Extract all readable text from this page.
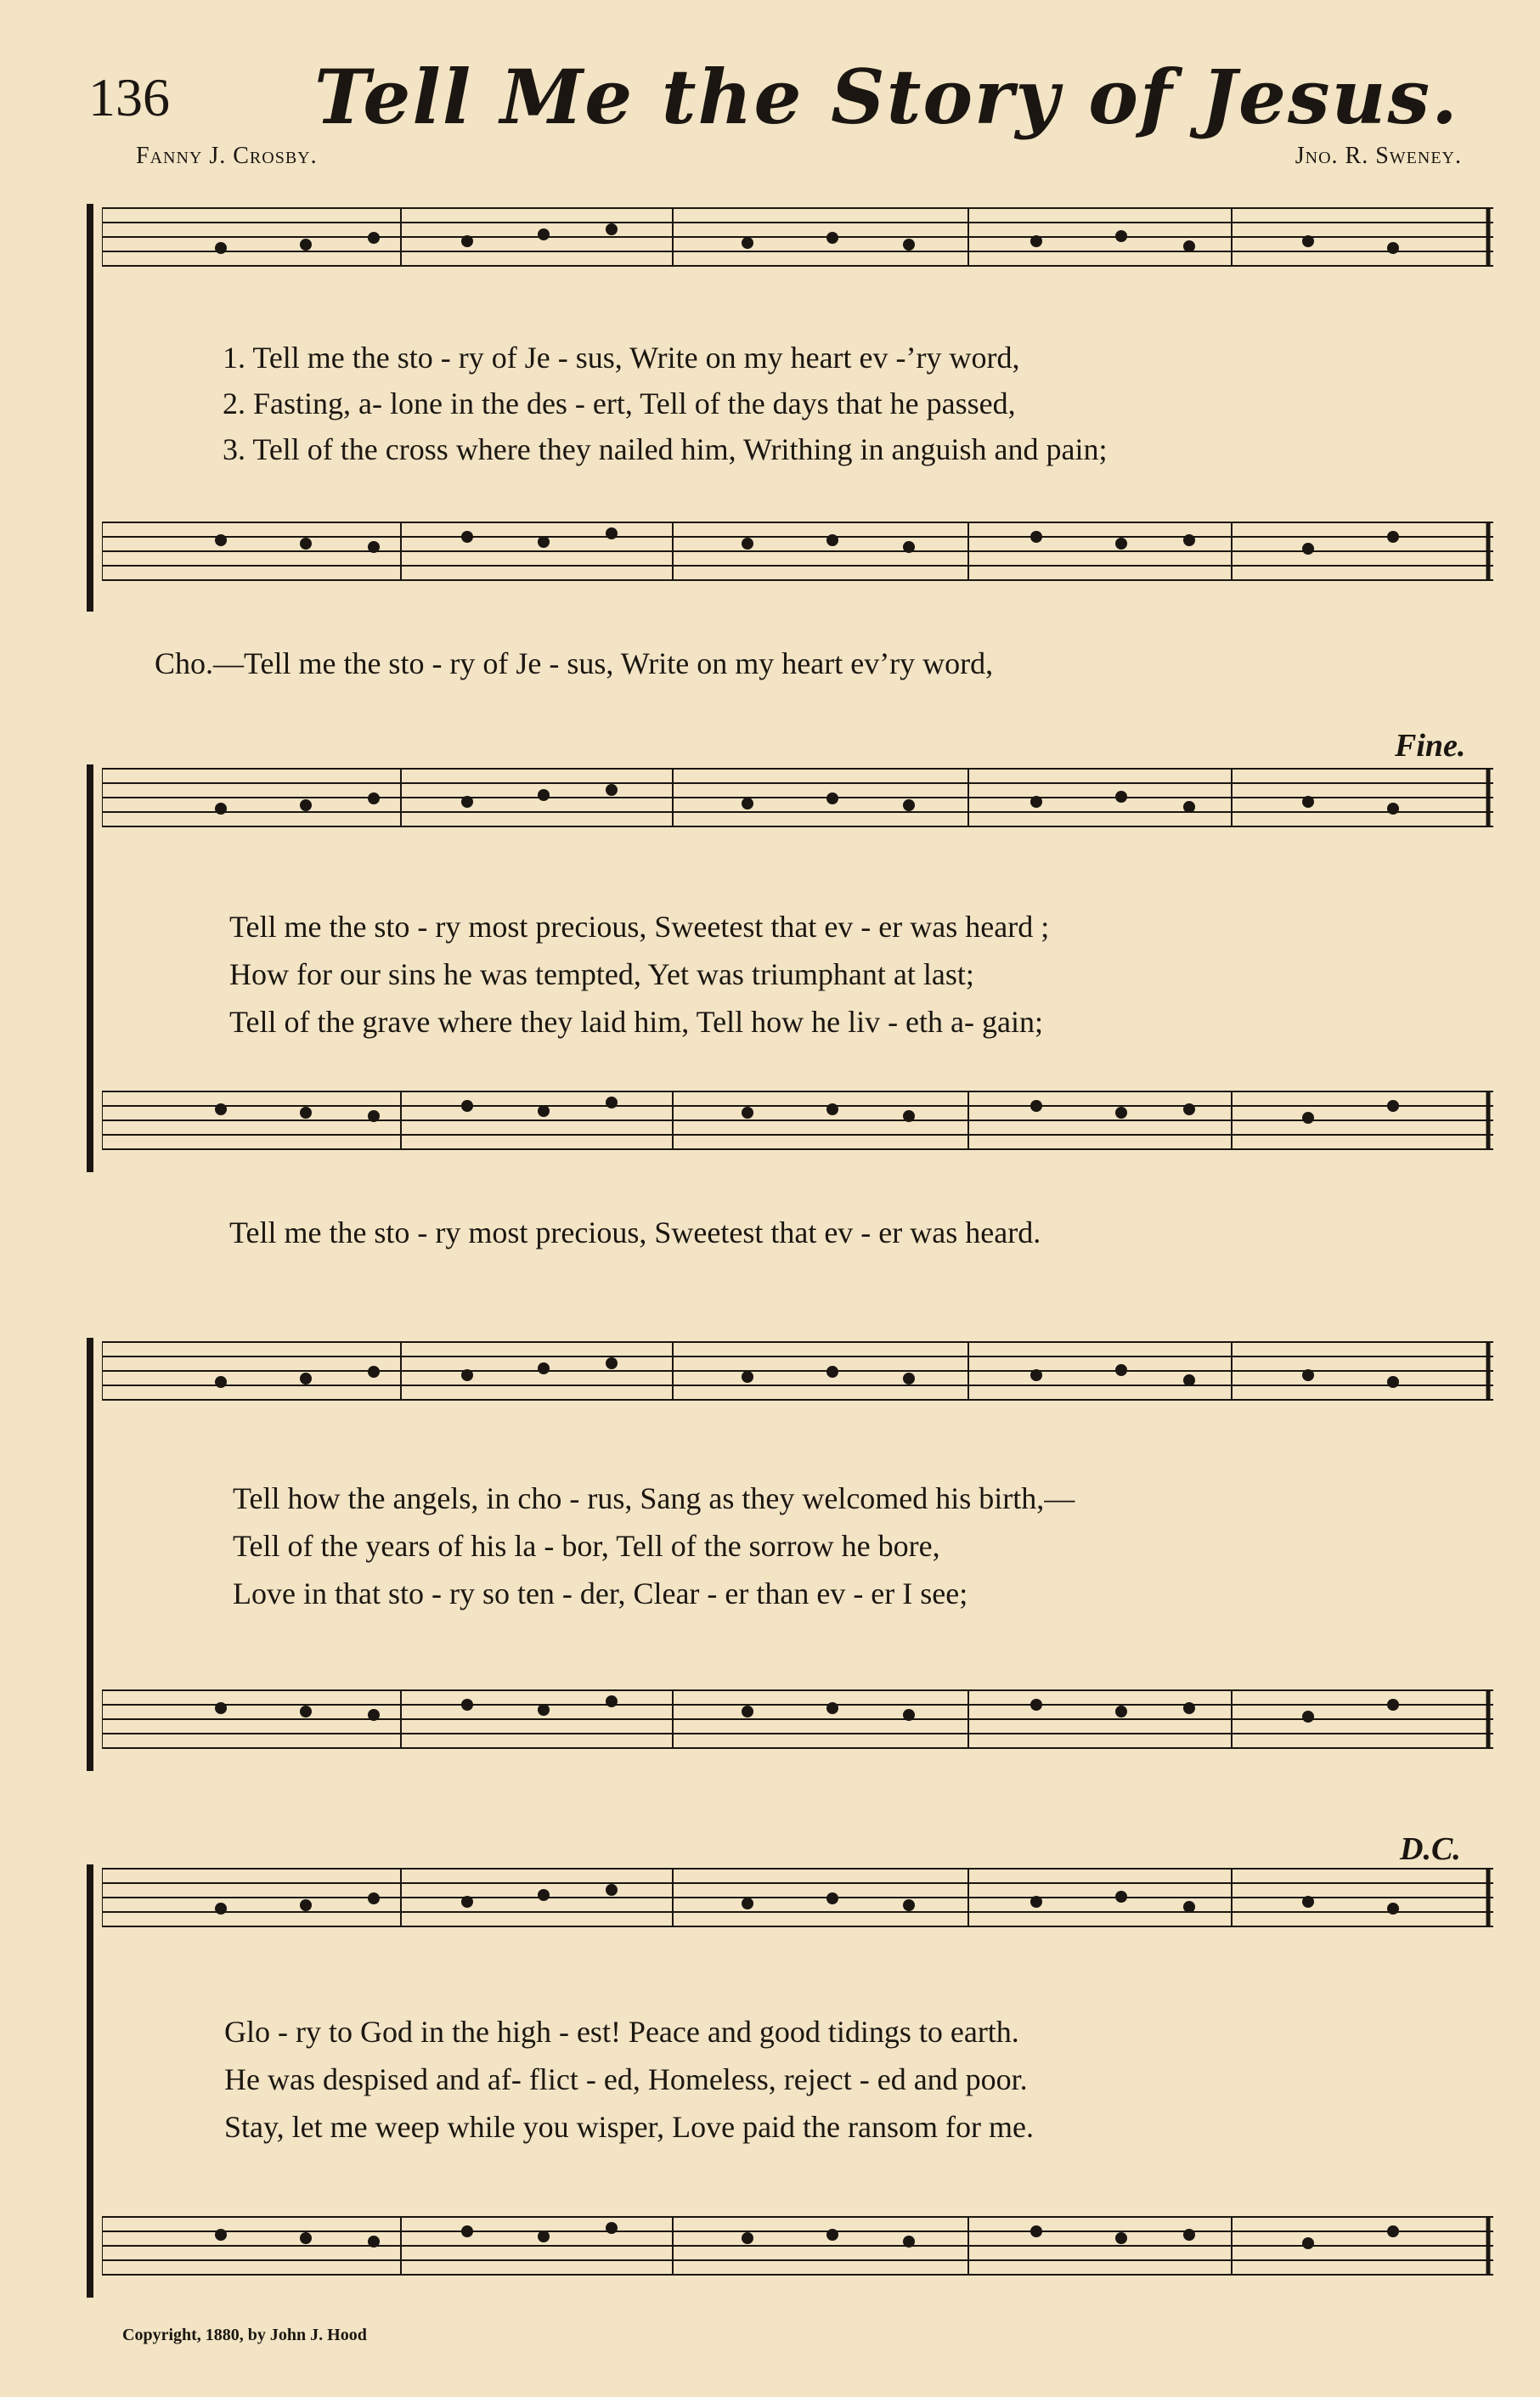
136 Tell Me the Story of Jesus.
Fanny J. Crosby.	Jno. R. Sweney.
1. Tell me the sto - ry of Je - sus, Write on my heart ev -’ry word,
2. Fasting, a- lone in the des - ert, Tell of the days that he passed,
3. Tell of the cross where they nailed him, Writhing in anguish and pain;
Cho.—Tell me the sto - ry of Je - sus, Write on my heart ev’ry word,
Fine.
Tell me the sto - ry most precious, Sweetest that ev - er was heard ;
How for our sins he was tempted, Yet was triumphant at last;
Tell of the grave where they laid him, Tell how he liv - eth a- gain;
Tell me the sto - ry most precious, Sweetest that ev - er was heard.
Tell how the angels, in cho - rus, Sang as they welcomed his birth,—
Tell of the years of his la - bor, Tell of the sorrow he bore,
Love in that sto - ry so ten - der, Clear - er than ev - er I see;
D.C.
Glo - ry to God in the high - est! Peace and good tidings to earth.
He was despised and af- flict - ed, Homeless, reject - ed and poor.
Stay, let me weep while you wisper, Love paid the ransom for me.
Copyright, 1880, by John J. Hood
